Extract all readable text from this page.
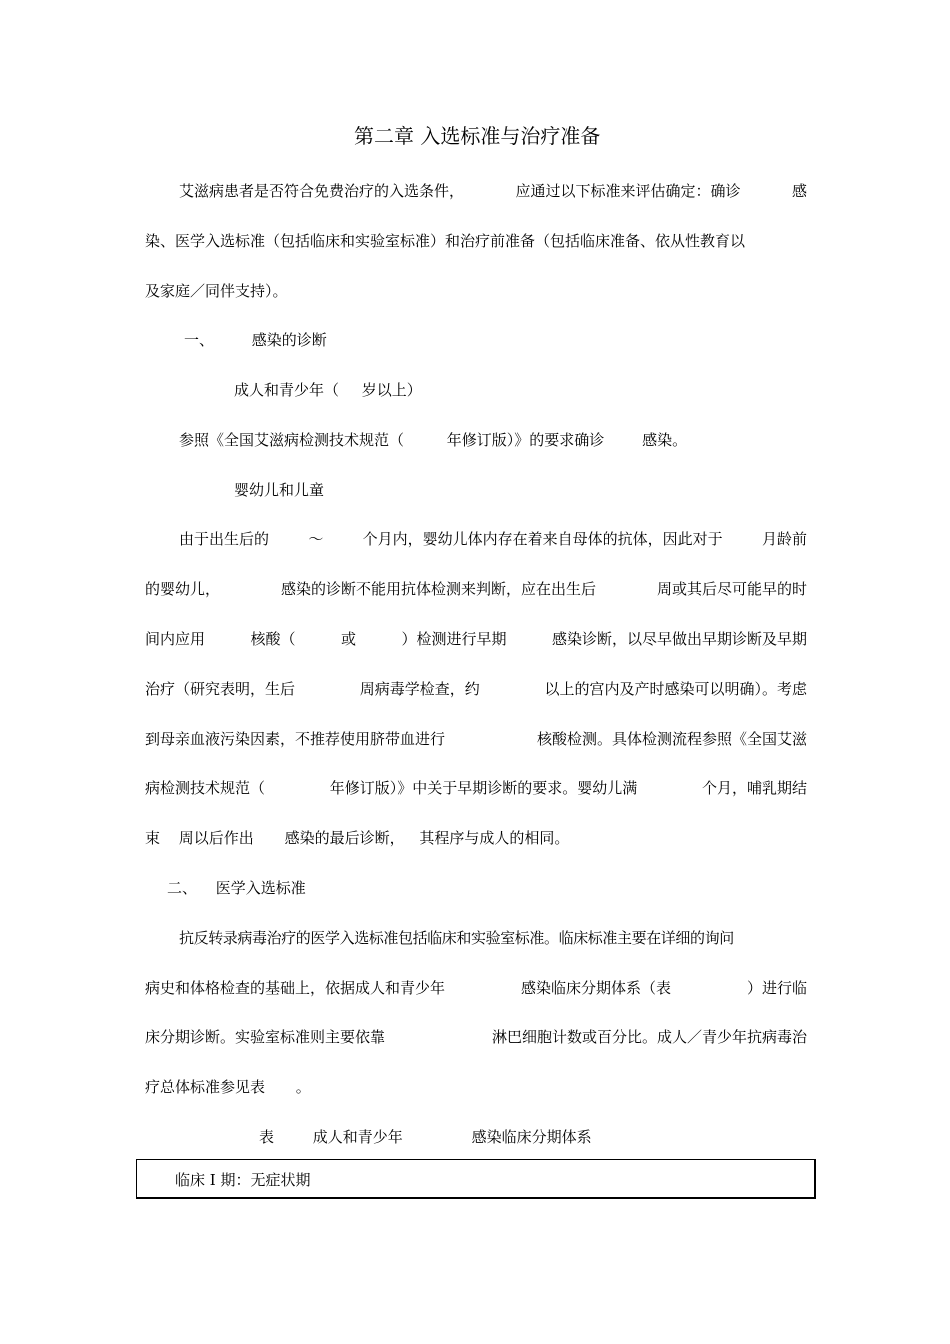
第二章 入选标准与治疗准备
艾滋病患者是否符合免费治疗的入选条件，	应通过以下标准来评估确定：确诊	感
染、医学入选标准（包括临床和实验室标准）和治疗前准备（包括临床准备、依从性教育以
及家庭／同伴支持）。
一、	感染的诊断
成人和青少年（ 岁以上）
参照《全国艾滋病检测技术规范（	年修订版）》的要求确诊	感染。
婴幼儿和儿童
由于出生后的	～	个月内，婴幼儿体内存在着来自母体的抗体，因此对于	月龄前
的婴幼儿，	感染的诊断不能用抗体检测来判断，应在出生后	周或其后尽可能早的时
间内应用	核酸（	或	）检测进行早期	感染诊断，以尽早做出早期诊断及早期
治疗（研究表明，生后	周病毒学检查，约	以上的宫内及产时感染可以明确）。考虑
到母亲血液污染因素，不推荐使用脐带血进行	核酸检测。具体检测流程参照《全国艾滋
病检测技术规范（	年修订版）》中关于早期诊断的要求。婴幼儿满	个月，哺乳期结
束 周以后作出 感染的最后诊断， 其程序与成人的相同。
二、 医学入选标准
抗反转录病毒治疗的医学入选标准包括临床和实验室标准。临床标准主要在详细的询问
病史和体格检查的基础上，依据成人和青少年	感染临床分期体系（表	）进行临
床分期诊断。实验室标准则主要依靠	淋巴细胞计数或百分比。成人／青少年抗病毒治
疗总体标准参见表 。
表	成人和青少年	感染临床分期体系
临床 I 期：无症状期
